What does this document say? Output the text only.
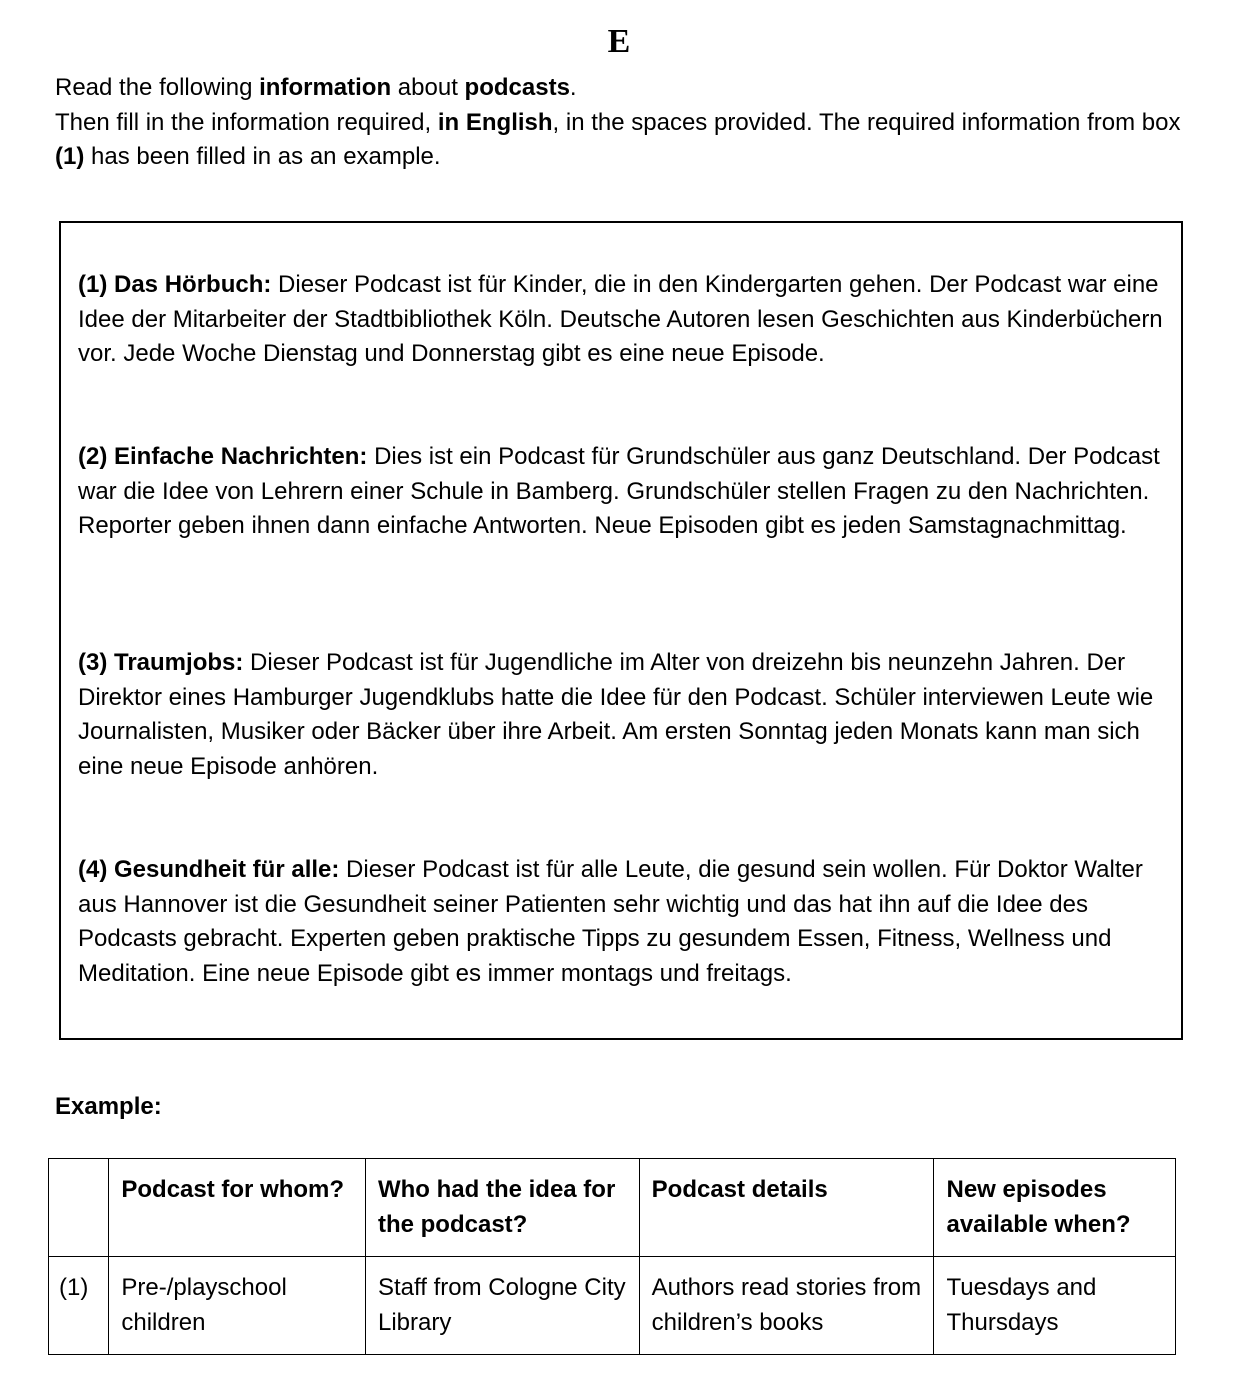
E

Read the following information about podcasts.

Then fill in the information required, in English, in the spaces provided. The required information from box (1) has been filled in as an example.

(1) Das Hörbuch: Dieser Podcast ist für Kinder, die in den Kindergarten gehen. Der Podcast war eine Idee der Mitarbeiter der Stadtbibliothek Köln. Deutsche Autoren lesen Geschichten aus Kinderbüchern vor. Jede Woche Dienstag und Donnerstag gibt es eine neue Episode.

(2) Einfache Nachrichten: Dies ist ein Podcast für Grundschüler aus ganz Deutschland. Der Podcast war die Idee von Lehrern einer Schule in Bamberg. Grundschüler stellen Fragen zu den Nachrichten. Reporter geben ihnen dann einfache Antworten. Neue Episoden gibt es jeden Samstagnachmittag.

(3) Traumjobs: Dieser Podcast ist für Jugendliche im Alter von dreizehn bis neunzehn Jahren. Der Direktor eines Hamburger Jugendklubs hatte die Idee für den Podcast. Schüler interviewen Leute wie Journalisten, Musiker oder Bäcker über ihre Arbeit. Am ersten Sonntag jeden Monats kann man sich eine neue Episode anhören.

(4) Gesundheit für alle: Dieser Podcast ist für alle Leute, die gesund sein wollen. Für Doktor Walter aus Hannover ist die Gesundheit seiner Patienten sehr wichtig und das hat ihn auf die Idee des Podcasts gebracht. Experten geben praktische Tipps zu gesundem Essen, Fitness, Wellness und Meditation. Eine neue Episode gibt es immer montags und freitags.

Example:
	Podcast for whom?	Who had the idea for the podcast?	Podcast details	New episodes available when?
(1)	Pre-/playschool children	Staff from Cologne City Library	Authors read stories from children’s books	Tuesdays and Thursdays
